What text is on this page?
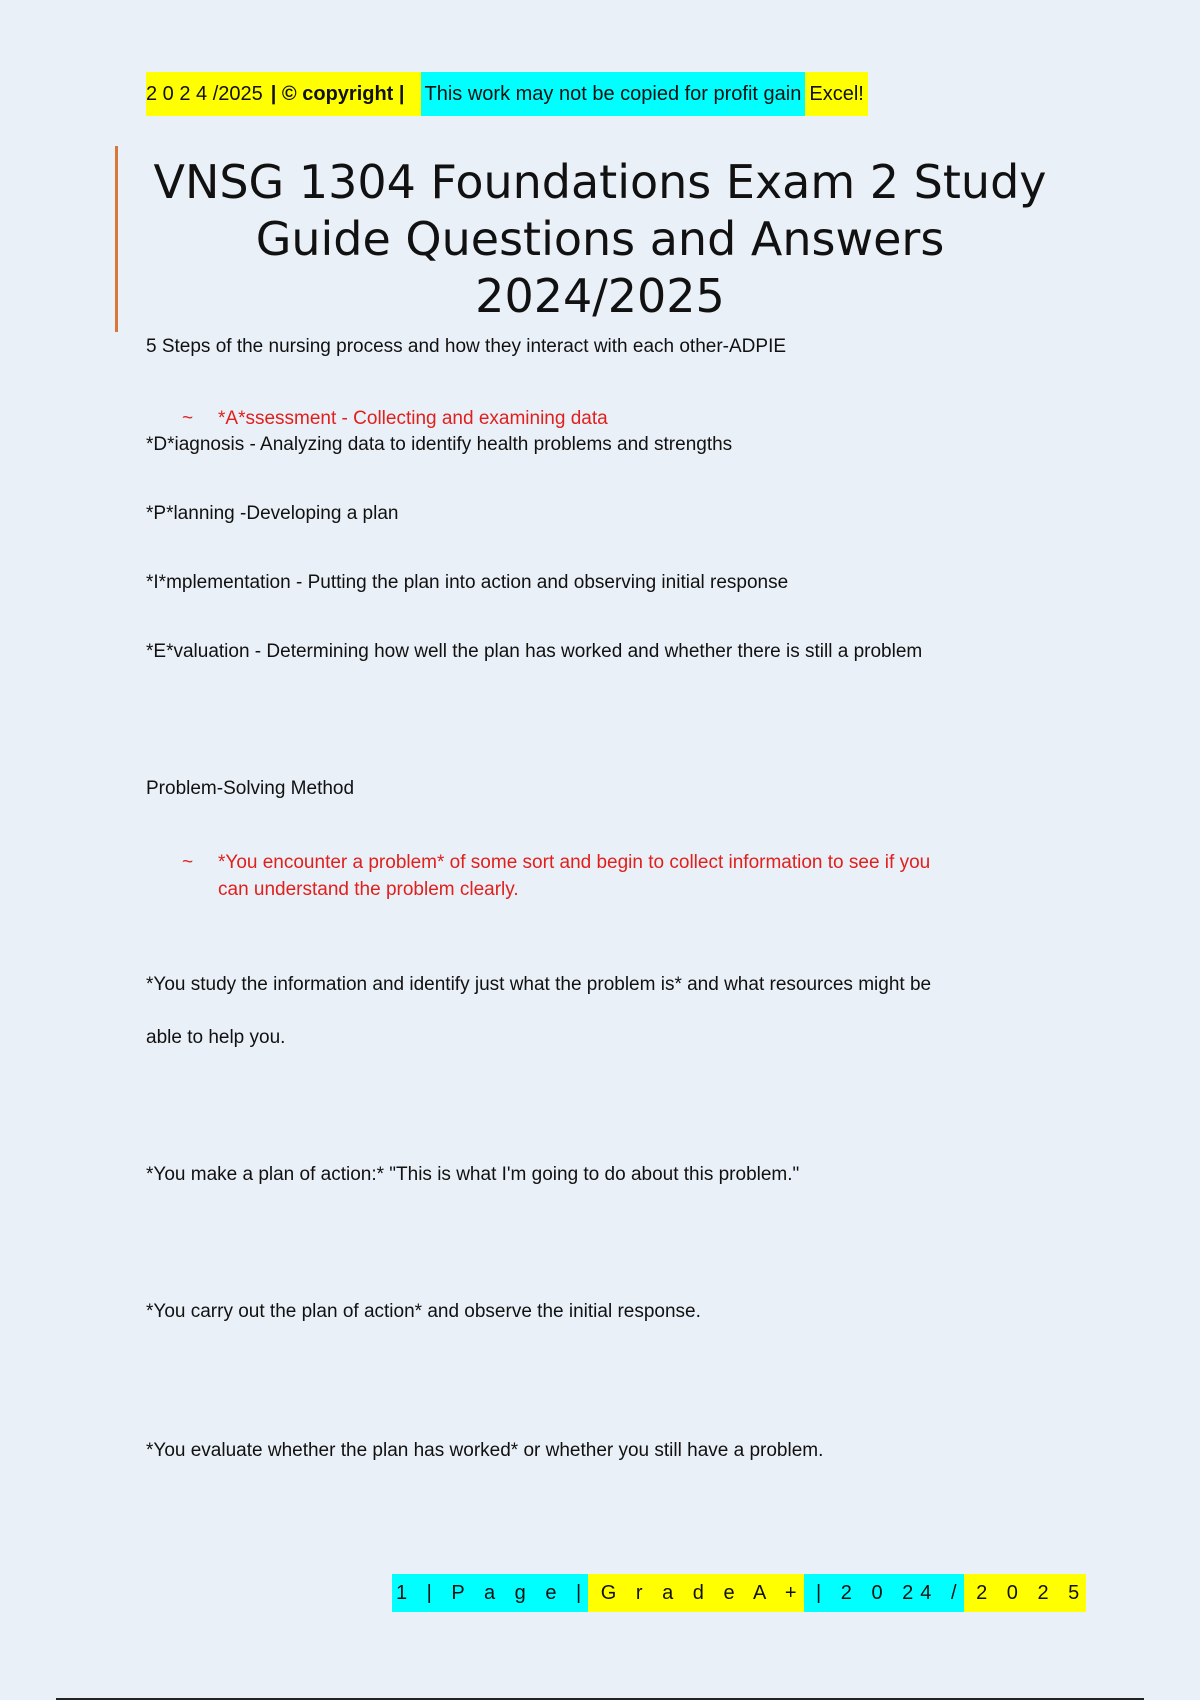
2 0 2 4 /2025 | © copyright |	This work may not be copied for profit gain Excel!
VNSG 1304 Foundations Exam 2 Study Guide Questions and Answers 2024/2025

5 Steps of the nursing process and how they interact with each other-ADPIE

~ *A*ssessment - Collecting and examining data

*D*iagnosis - Analyzing data to identify health problems and strengths

*P*lanning -Developing a plan

*I*mplementation - Putting the plan into action and observing initial response

*E*valuation - Determining how well the plan has worked and whether there is still a problem

Problem-Solving Method

~ *You encounter a problem* of some sort and begin to collect information to see if you
can understand the problem clearly.

*You study the information and identify just what the problem is* and what resources might be

able to help you.

*You make a plan of action:* "This is what I'm going to do about this problem."

*You carry out the plan of action* and observe the initial response.

*You evaluate whether the plan has worked* or whether you still have a problem.

1 | P a g e | G r a d e A + | 2 0 24 / 2 0 2 5
